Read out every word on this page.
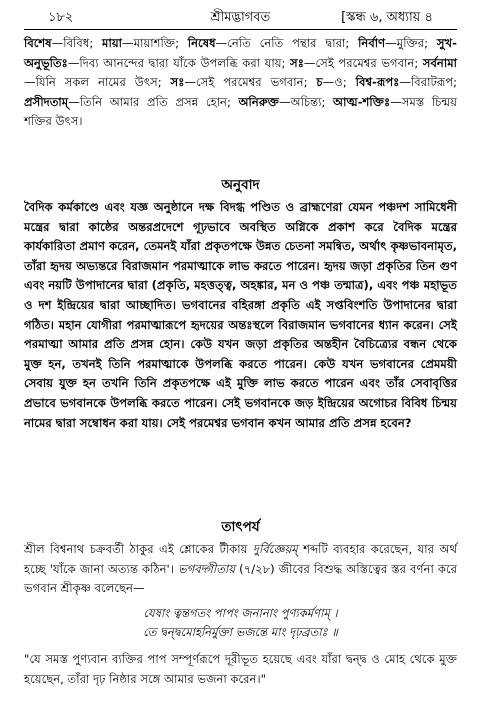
১৮২	শ্রীমদ্ভাগবত	[স্কন্ধ ৬, অধ্যায় ৪
বিশেষ—বিবিধ; মায়া—মায়াশক্তি; নিষেধ—নেতি নেতি পন্থার দ্বারা; নির্বাণ—মুক্তির; সুখ-অনুভূতিঃ—দিব্য আনন্দের দ্বারা যাঁকে উপলব্ধি করা যায়; সঃ—সেই পরমেশ্বর ভগবান; সর্বনামা—যিনি সকল নামের উৎস; সঃ—সেই পরমেশ্বর ভগবান; চ—ও; বিশ্ব-রূপঃ—বিরাটরূপ; প্রসীদতাম্—তিনি আমার প্রতি প্রসন্ন হোন; অনিরুক্ত—অচিন্ত্য; আত্ম-শক্তিঃ—সমস্ত চিন্ময় শক্তির উৎস।
অনুবাদ
বৈদিক কর্মকাণ্ডে এবং যজ্ঞ অনুষ্ঠানে দক্ষ বিদগ্ধ পণ্ডিত ও ব্রাহ্মণেরা যেমন পঞ্চদশ সামিধেনী মন্ত্রের দ্বারা কাষ্ঠের অন্তরপ্রদেশে গূঢ়ভাবে অবস্থিত অগ্নিকে প্রকাশ করে বৈদিক মন্ত্রের কার্যকারিতা প্রমাণ করেন, তেমনই যাঁরা প্রকৃতপক্ষে উন্নত চেতনা সমন্বিত, অর্থাৎ কৃষ্ণভাবনামৃত, তাঁরা হৃদয় অভ্যন্তরে বিরাজমান পরমাত্মাকে লাভ করতে পারেন। হৃদয় জড়া প্রকৃতির তিন গুণ এবং নয়টি উপাদানের দ্বারা (প্রকৃতি, মহত্তত্ত্ব, অহঙ্কার, মন ও পঞ্চ তন্মাত্র), এবং পঞ্চ মহাভূত ও দশ ইন্দ্রিয়ের দ্বারা আচ্ছাদিত। ভগবানের বহিরঙ্গা প্রকৃতি এই সপ্তবিংশতি উপাদানের দ্বারা গঠিত। মহান যোগীরা পরমাত্মারূপে হৃদয়ের অন্তঃস্থলে বিরাজমান ভগবানের ধ্যান করেন। সেই পরমাত্মা আমার প্রতি প্রসন্ন হোন। কেউ যখন জড়া প্রকৃতির অন্তহীন বৈচিত্র্যের বন্ধন থেকে মুক্ত হন, তখনই তিনি পরমাত্মাকে উপলব্ধি করতে পারেন। কেউ যখন ভগবানের প্রেমময়ী সেবায় যুক্ত হন তখনি তিনি প্রকৃতপক্ষে এই মুক্তি লাভ করতে পারেন এবং তাঁর সেবাবৃত্তির প্রভাবে ভগবানকে উপলব্ধি করতে পারেন। সেই ভগবানকে জড় ইন্দ্রিয়ের অগোচর বিবিধ চিন্ময় নামের দ্বারা সম্বোধন করা যায়। সেই পরমেশ্বর ভগবান কখন আমার প্রতি প্রসন্ন হবেন?
তাৎপর্য
শ্রীল বিশ্বনাথ চক্রবর্তী ঠাকুর এই শ্লোকের টীকায় দুর্বিজ্ঞেয়ম্ শব্দটি ব্যবহার করেছেন, যার অর্থ হচ্ছে 'যাঁকে জানা অত্যন্ত কঠিন'। ভগবদ্গীতায় (৭/২৮) জীবের বিশুদ্ধ অস্তিত্বের স্তর বর্ণনা করে ভগবান শ্রীকৃষ্ণ বলেছেন—
যেষাং ত্বন্তগতং পাপং জনানাং পুণ্যকর্মণাম্ ।
তে দ্বন্দ্বমোহনির্মুক্তা ভজন্তে মাং দৃঢ়ব্রতাঃ ॥
"যে সমস্ত পুণ্যবান ব্যক্তির পাপ সম্পূর্ণরূপে দূরীভূত হয়েছে এবং যাঁরা দ্বন্দ্ব ও মোহ থেকে মুক্ত হয়েছেন, তাঁরা দৃঢ় নিষ্ঠার সঙ্গে আমার ভজনা করেন।"
